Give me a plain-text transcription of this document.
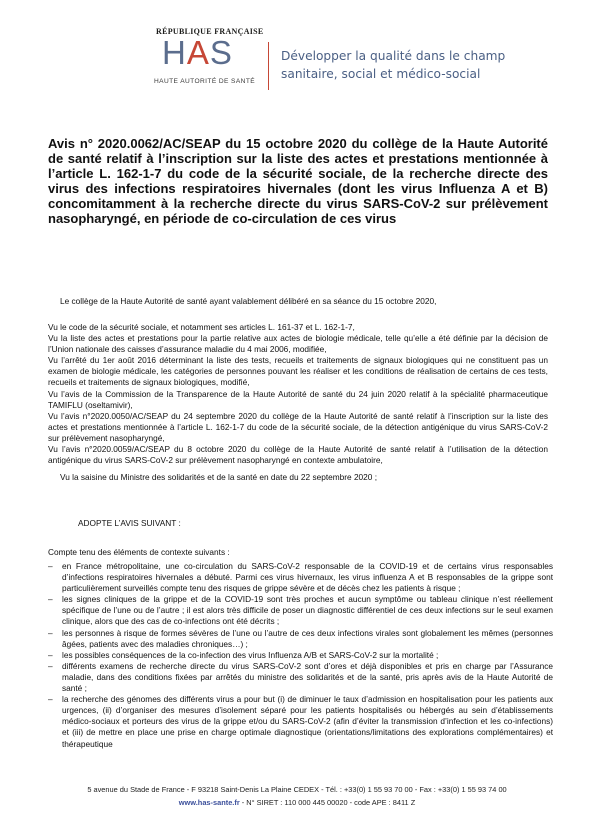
RÉPUBLIQUE FRANÇAISE
HAS
HAUTE AUTORITÉ DE SANTÉ
Développer la qualité dans le champ
sanitaire, social et médico-social
Avis n° 2020.0062/AC/SEAP du 15 octobre 2020 du collège de la Haute Autorité de santé relatif à l’inscription sur la liste des actes et prestations mentionnée à l’article L. 162-1-7 du code de la sécurité sociale, de la recherche directe des virus des infections respiratoires hivernales (dont les virus Influenza A et B) concomitamment à la recherche directe du virus SARS-CoV-2 sur prélèvement nasopharyngé, en période de co-circulation de ces virus
Le collège de la Haute Autorité de santé ayant valablement délibéré en sa séance du 15 octobre 2020,
Vu le code de la sécurité sociale, et notamment ses articles L. 161-37 et L. 162-1-7,
Vu la liste des actes et prestations pour la partie relative aux actes de biologie médicale, telle qu’elle a été définie par la décision de l’Union nationale des caisses d’assurance maladie du 4 mai 2006, modifiée,
Vu l’arrêté du 1er août 2016 déterminant la liste des tests, recueils et traitements de signaux biologiques qui ne constituent pas un examen de biologie médicale, les catégories de personnes pouvant les réaliser et les conditions de réalisation de certains de ces tests, recueils et traitements de signaux biologiques, modifié,
Vu l’avis de la Commission de la Transparence de la Haute Autorité de santé du 24 juin 2020 relatif à la spécialité pharmaceutique TAMIFLU (oseltamivir),
Vu l’avis n°2020.0050/AC/SEAP du 24 septembre 2020 du collège de la Haute Autorité de santé relatif à l’inscription sur la liste des actes et prestations mentionnée à l’article L. 162-1-7 du code de la sécurité sociale, de la détection antigénique du virus SARS-CoV-2 sur prélèvement nasopharyngé,
Vu l’avis n°2020.0059/AC/SEAP du 8 octobre 2020 du collège de la Haute Autorité de santé relatif à l’utilisation de la détection antigénique du virus SARS-CoV-2 sur prélèvement nasopharyngé en contexte ambulatoire,
Vu la saisine du Ministre des solidarités et de la santé en date du 22 septembre 2020 ;
ADOPTE L’AVIS SUIVANT :
Compte tenu des éléments de contexte suivants :
– en France métropolitaine, une co-circulation du SARS-CoV-2 responsable de la COVID-19 et de certains virus responsables d’infections respiratoires hivernales a débuté. Parmi ces virus hivernaux, les virus influenza A et B responsables de la grippe sont particulièrement surveillés compte tenu des risques de grippe sévère et de décès chez les patients à risque ;
– les signes cliniques de la grippe et de la COVID-19 sont très proches et aucun symptôme ou tableau clinique n’est réellement spécifique de l’une ou de l’autre ; il est alors très difficile de poser un diagnostic différentiel de ces deux infections sur le seul examen clinique, alors que des cas de co-infections ont été décrits ;
– les personnes à risque de formes sévères de l’une ou l’autre de ces deux infections virales sont globalement les mêmes (personnes âgées, patients avec des maladies chroniques…) ;
– les possibles conséquences de la co-infection des virus Influenza A/B et SARS-CoV-2 sur la mortalité ;
– différents examens de recherche directe du virus SARS-CoV-2 sont d’ores et déjà disponibles et pris en charge par l’Assurance maladie, dans des conditions fixées par arrêtés du ministre des solidarités et de la santé, pris après avis de la Haute Autorité de santé ;
– la recherche des génomes des différents virus a pour but (i) de diminuer le taux d’admission en hospitalisation pour les patients aux urgences, (ii) d’organiser des mesures d’isolement séparé pour les patients hospitalisés ou hébergés au sein d’établissements médico-sociaux et porteurs des virus de la grippe et/ou du SARS-CoV-2 (afin d’éviter la transmission d’infection et les co-infections) et (iii) de mettre en place une prise en charge optimale diagnostique (orientations/limitations des explorations complémentaires) et thérapeutique
5 avenue du Stade de France - F 93218 Saint-Denis La Plaine CEDEX - Tél. : +33(0) 1 55 93 70 00 - Fax : +33(0) 1 55 93 74 00
www.has-sante.fr - N° SIRET : 110 000 445 00020 - code APE : 8411 Z
